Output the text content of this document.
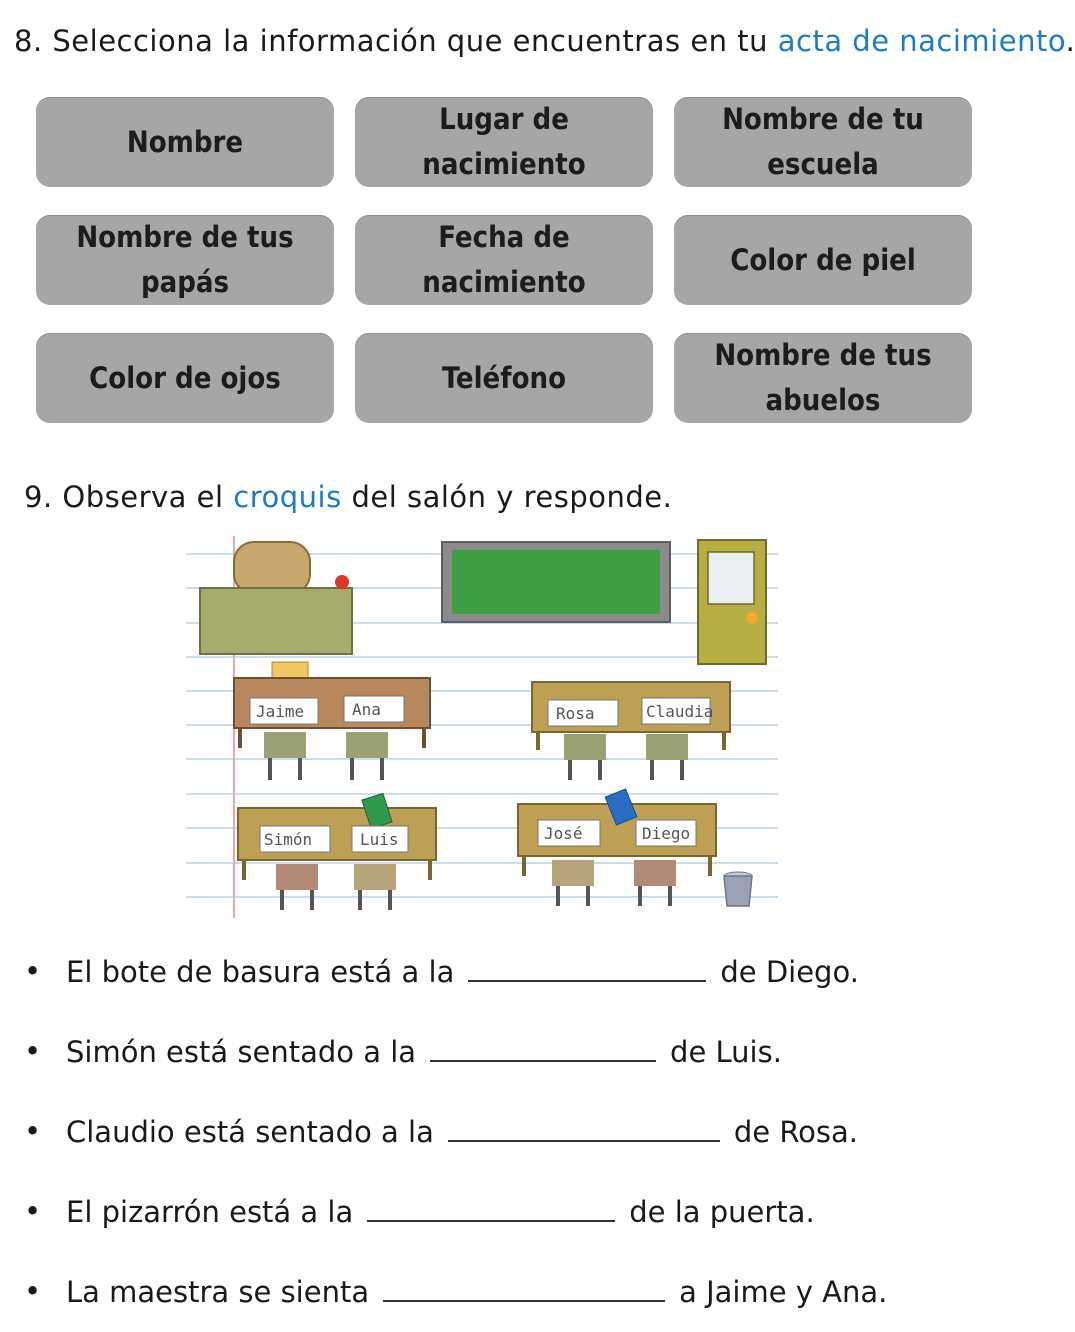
8. Selecciona la información que encuentras en tu acta de nacimiento.
Nombre
Lugar de nacimiento
Nombre de tu escuela
Nombre de tus papás
Fecha de nacimiento
Color de piel
Color de ojos	Teléfono
Nombre de tus abuelos
9. Observa el croquis del salón y responde.
Jaime	Ana	Rosa	Claudia
Simón	Luis	José	Diego
• El bote de basura está a la	de Diego.
• Simón está sentado a la	de Luis.
• Claudio está sentado a la	de Rosa.
• El pizarrón está a la	de la puerta.
• La maestra se sienta	a Jaime y Ana.
